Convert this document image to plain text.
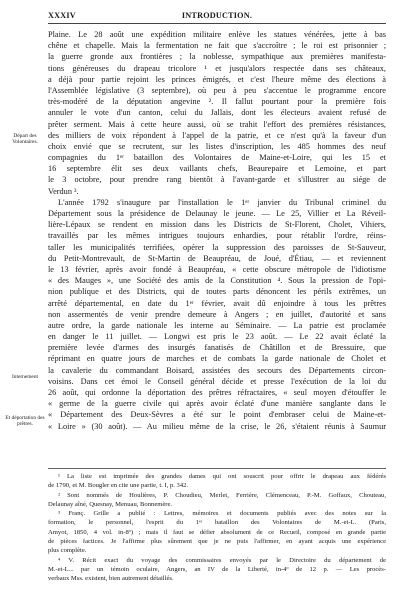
XXXIV	INTRODUCTION.
Départ des Volontaires.
Internement
Et déportation des prêtres.
Plaine. Le 28 août une expédition militaire enlève les statues vénérées, jette à bas
chêne et chapelle. Mais la fermentation ne fait que s'accroître ; le roi est prisonnier ;
la guerre gronde aux frontières ; la noblesse, sympathique aux premières manifesta-
tions généreuses du drapeau tricolore ¹ et jusqu'alors respectée dans ses châteaux,
a déjà pour partie rejoint les princes émigrés, et c'est l'heure même des élections à
l'Assemblée législative (3 septembre), où peu à peu s'accentue le programme encore
très-modéré de la députation angevine ². Il fallut pourtant pour la première fois
annuler le vote d'un canton, celui du Jallais, dont les électeurs avaient refusé de
prêter serment. Mais à cette heure aussi, où se trahit l'effort des premières résistances,
des milliers de voix répondent à l'appel de la patrie, et ce n'est qu'à la faveur d'un
choix envié que se recrutent, sur les listes d'inscription, les 485 hommes des neuf
compagnies du 1ᵉʳ bataillon des Volontaires de Maine-et-Loire, qui les 15 et
16 septembre élit ses deux vaillants chefs, Beaurepaire et Lemoine, et part
le 3 octobre, pour prendre rang bientôt à l'avant-garde et s'illustrer au siége de
Verdun ³.
L'année 1792 s'inaugure par l'installation le 1ᵉʳ janvier du Tribunal criminel du
Département sous la présidence de Delaunay le jeune. — Le 25, Villier et La Réveil-
lière-Lépaux se rendent en mission dans les Districts de St-Florent, Cholet, Vihiers,
travaillés par les mêmes intrigues toujours enhardies, pour rétablir l'ordre, réins-
taller les municipalités terrifiées, opérer la suppression des paroisses de St-Sauveur,
du Petit-Montrevault, de St-Martin de Beaupréau, de Joué, d'Étiau, — et reviennent
le 13 février, après avoir fondé à Beaupréau, « cette obscure métropole de l'idiotisme
« des Mauges », une Société des amis de la Constitution ⁴. Sous la pression de l'opi-
nion publique et des Districts, qui de toutes parts dénoncent les périls extrêmes, un
arrêté départemental, en date du 1ᵉʳ février, avait dû enjoindre à tous les prêtres
non assermentés de venir prendre demeure à Angers ; en juillet, d'autorité et sans
autre ordre, la garde nationale les interne au Séminaire. — La patrie est proclamée
en danger le 11 juillet. — Longwi est pris le 23 août. — Le 22 avait éclaté la
première levée d'armes des insurgés fanatisés de Châtillon et de Bressuire, que
réprimant en quatre jours de marches et de combats la garde nationale de Cholet et
la cavalerie du commandant Boisard, assistées des secours des Départements circon-
voisins. Dans cet émoi le Conseil général décide et presse l'exécution de la loi du
26 août, qui ordonne la déportation des prêtres réfractaires, « seul moyen d'étouffer le
« germe de la guerre civile qui après avoir éclaté d'une manière sanglante dans le
« Département des Deux-Sèvres a été sur le point d'embraser celui de Maine-et-
« Loire » (30 août). — Au milieu même de la crise, le 26, s'étaient réunis à Saumur
¹ La liste est imprimée des grandes dames qui ont souscrit pour offrir le drapeau aux fédérés
de 1790, et M. Bougler en cite une partie, t. I, p. 342.
² Sont nommés de Houlières, P. Choudieu, Merlet, Ferrière, Clémenceau, P.-M. Goffaux, Chouteau,
Delaunay aîné, Quesnay, Menuau, Bonnemère.
³ Franç. Grille a publié : Lettres, mémoires et documents publiés avec des notes sur la
formation, le personnel, l'esprit du 1ᵉʳ bataillon des Volontaires de M.-et-L. (Paris,
Amyot, 1850, 4 vol. in-8º) ; mais il faut se défier absolument de ce Recueil, composé en grande partie
de pièces factices. Je l'affirme plus sûrement que je ne puis l'affirmer, en ayant acquis une expérience
plus complète.
⁴ V. Récit exact du voyage des commissaires envoyés par le Directoire du département de
M.-et-L... par un témoin oculaire, Angers, an IV de la Liberté, in-4º de 12 p. — Les procès-
verbaux Mss. existent, bien autrement détaillés.
